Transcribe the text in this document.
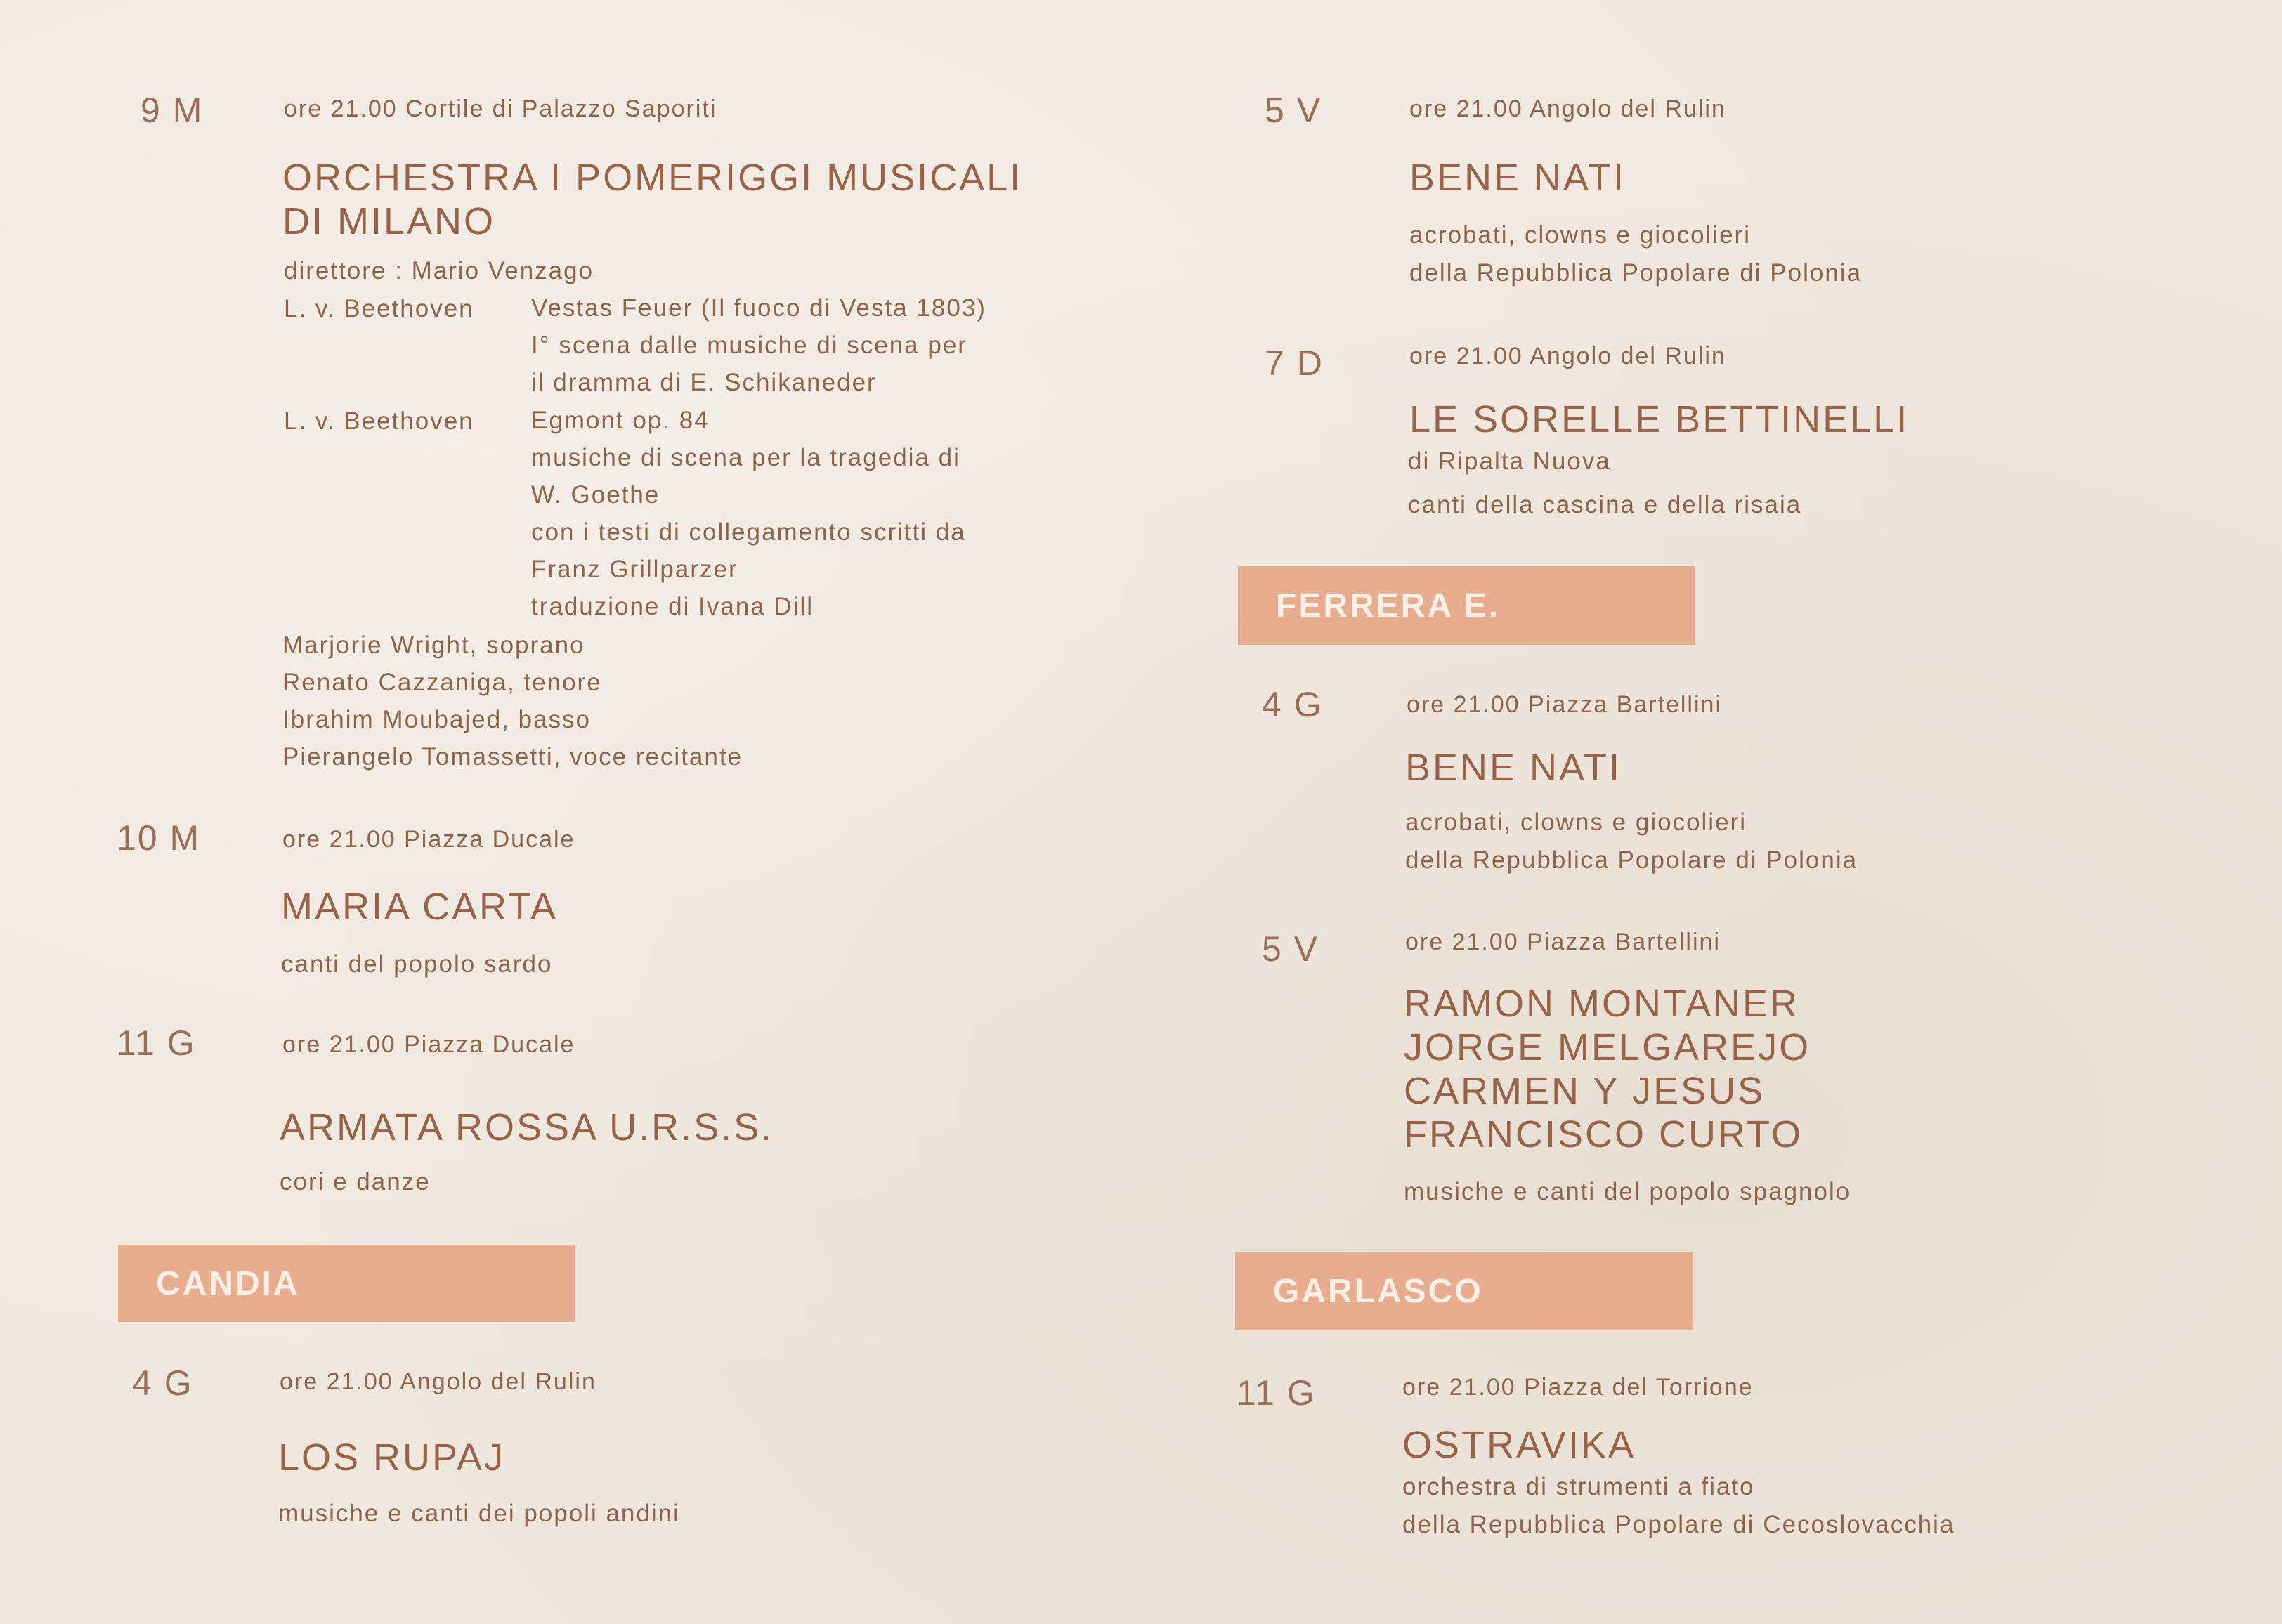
9 M	ore 21.00 Cortile di Palazzo Saporiti
ORCHESTRA I POMERIGGI MUSICALI
DI MILANO
direttore : Mario Venzago
L. v. Beethoven Vestas Feuer (Il fuoco di Vesta 1803)
I° scena dalle musiche di scena per
il dramma di E. Schikaneder
L. v. Beethoven Egmont op. 84
musiche di scena per la tragedia di
W. Goethe
con i testi di collegamento scritti da
Franz Grillparzer
traduzione di Ivana Dill
Marjorie Wright, soprano
Renato Cazzaniga, tenore
Ibrahim Moubajed, basso
Pierangelo Tomassetti, voce recitante
10 M	ore 21.00 Piazza Ducale
MARIA CARTA
canti del popolo sardo
11 G	ore 21.00 Piazza Ducale
ARMATA ROSSA U.R.S.S.
cori e danze
CANDIA
4 G	ore 21.00 Angolo del Rulin
LOS RUPAJ
musiche e canti dei popoli andini
5 V	ore 21.00 Angolo del Rulin
BENE NATI
acrobati, clowns e giocolieri
della Repubblica Popolare di Polonia
7 D	ore 21.00 Angolo del Rulin
LE SORELLE BETTINELLI
di Ripalta Nuova
canti della cascina e della risaia
FERRERA E.
4 G	ore 21.00 Piazza Bartellini
BENE NATI
acrobati, clowns e giocolieri
della Repubblica Popolare di Polonia
5 V	ore 21.00 Piazza Bartellini
RAMON MONTANER
JORGE MELGAREJO
CARMEN Y JESUS
FRANCISCO CURTO
musiche e canti del popolo spagnolo
GARLASCO
11 G	ore 21.00 Piazza del Torrione
OSTRAVIKA
orchestra di strumenti a fiato
della Repubblica Popolare di Cecoslovacchia
